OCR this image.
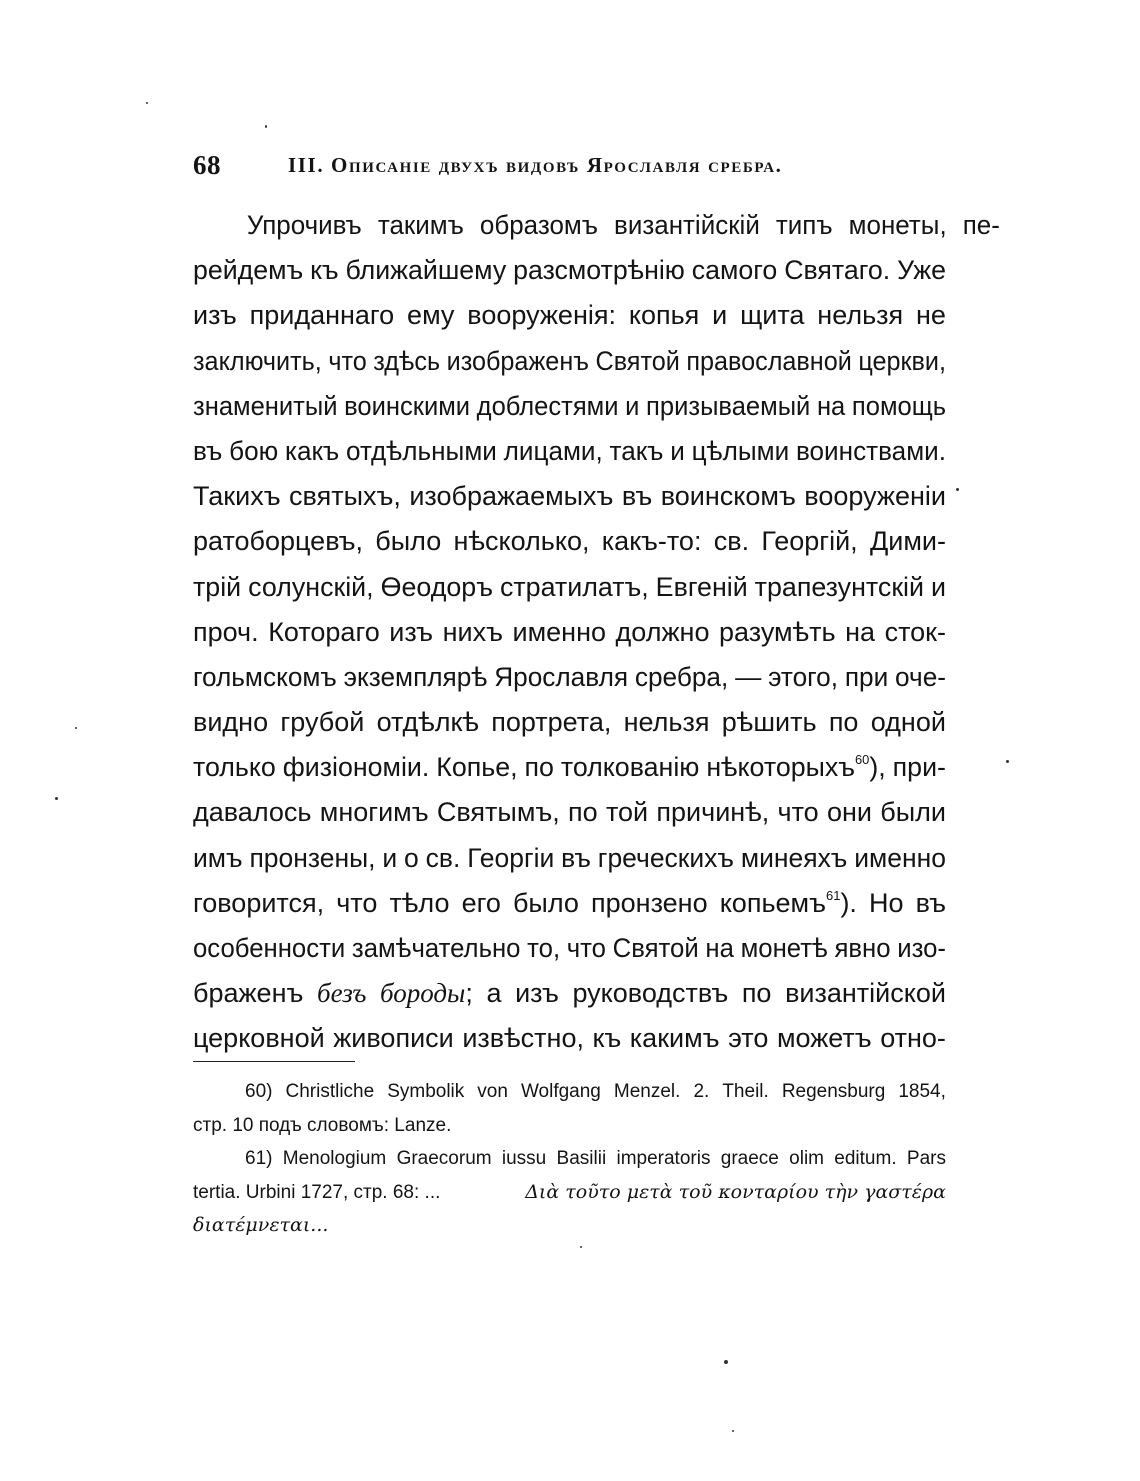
68	III. Описаніе двухъ видовъ Ярославля сребра.
Упрочивъ такимъ образомъ византійскій типъ монеты, пе-
рейдемъ къ ближайшему разсмотрѣнію самого Святаго. Уже
изъ приданнаго ему вооруженія: копья и щита нельзя не
заключить, что здѣсь изображенъ Святой православной церкви,
знаменитый воинскими доблестями и призываемый на помощь
въ бою какъ отдѣльными лицами, такъ и цѣлыми воинствами.
Такихъ святыхъ, изображаемыхъ въ воинскомъ вооруженіи
ратоборцевъ, было нѣсколько, какъ-то: св. Георгій, Дими-
трій солунскій, Өеодоръ стратилатъ, Евгеній трапезунтскій и
проч. Котораго изъ нихъ именно должно разумѣть на сток-
гольмскомъ экземплярѣ Ярославля сребра, — этого, при оче-
видно грубой отдѣлкѣ портрета, нельзя рѣшить по одной
только физіономіи. Копье, по толкованію нѣкоторыхъ$^{60}$), при-
давалось многимъ Святымъ, по той причинѣ, что они были
имъ пронзены, и о св. Георгіи въ греческихъ минеяхъ именно
говорится, что тѣло его было пронзено копьемъ$^{61}$). Но въ
особенности замѣчательно то, что Святой на монетѣ явно изо-
браженъ безъ бороды; а изъ руководствъ по византійской
церковной живописи извѣстно, къ какимъ это можетъ отно-
60) Christliche Symbolik von Wolfgang Menzel. 2. Theil. Regensburg 1854,
стр. 10 подъ словомъ: Lanze.
61) Menologium Graecorum iussu Basilii imperatoris graece olim editum. Pars
tertia. Urbini 1727, стр. 68: ...	Διὰ τοῦτο μετὰ τοῦ κονταρίου τὴν γαστέρα
διατέμνεται...
